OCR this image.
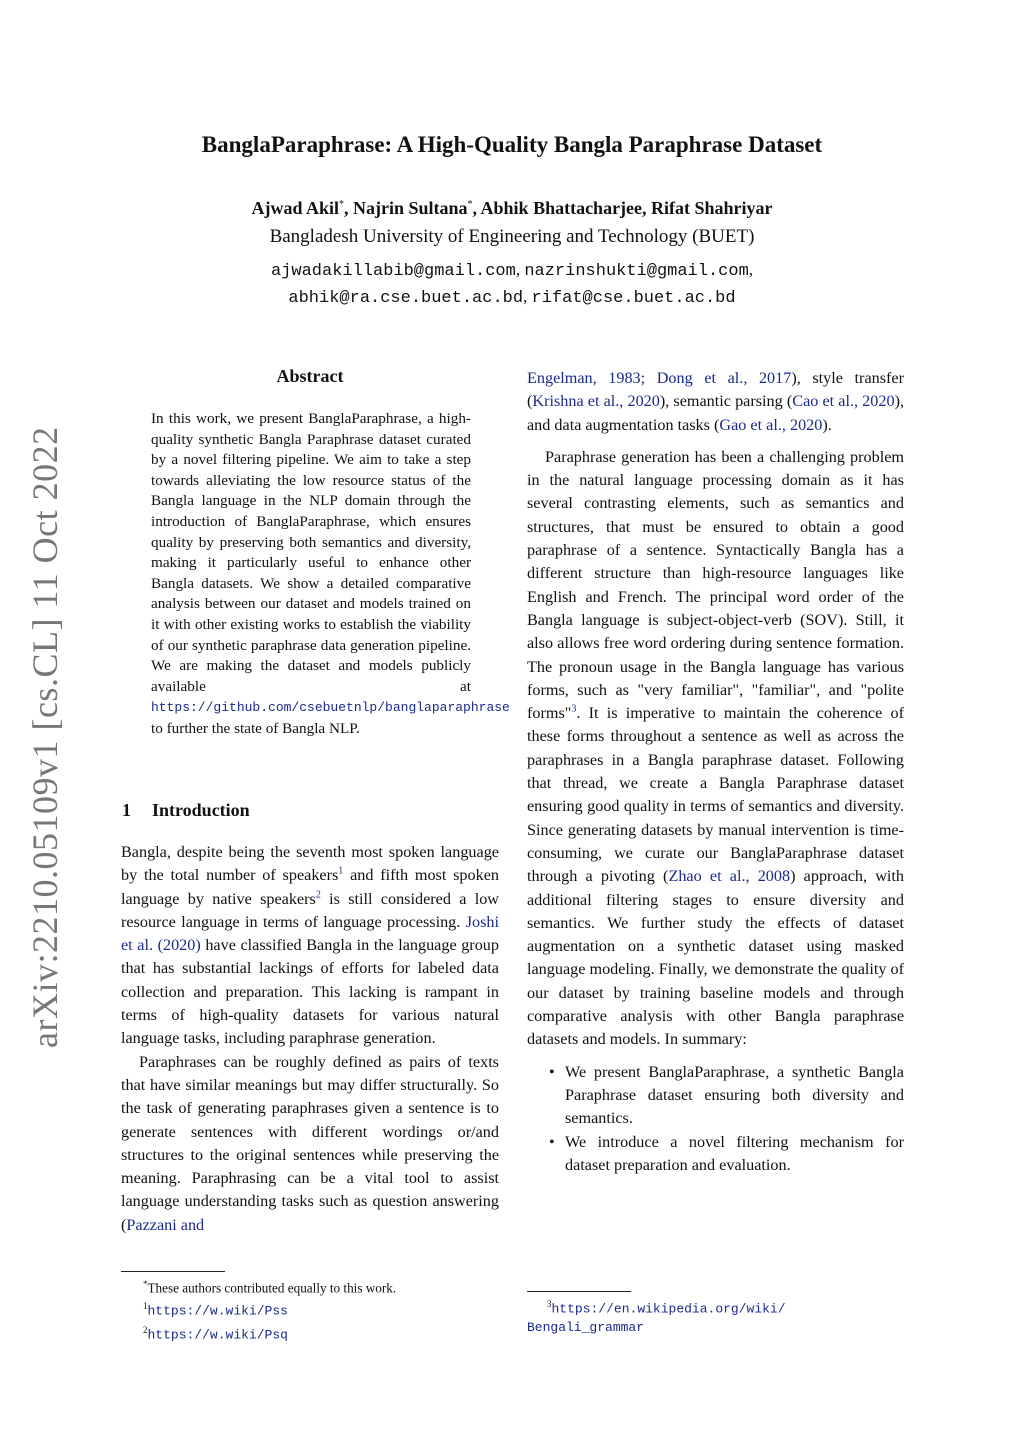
arXiv:2210.05109v1 [cs.CL] 11 Oct 2022
BanglaParaphrase: A High-Quality Bangla Paraphrase Dataset
Ajwad Akil*, Najrin Sultana*, Abhik Bhattacharjee, Rifat Shahriyar
Bangladesh University of Engineering and Technology (BUET)
ajwadakillabib@gmail.com, nazrinshukti@gmail.com,
abhik@ra.cse.buet.ac.bd, rifat@cse.buet.ac.bd
Abstract
In this work, we present BanglaParaphrase, a high-quality synthetic Bangla Paraphrase dataset curated by a novel filtering pipeline. We aim to take a step towards alleviating the low resource status of the Bangla language in the NLP domain through the introduction of BanglaParaphrase, which ensures quality by preserving both semantics and diversity, making it particularly useful to enhance other Bangla datasets. We show a detailed comparative analysis between our dataset and models trained on it with other existing works to establish the viability of our synthetic paraphrase data generation pipeline. We are making the dataset and models publicly available at https://github.com/csebuetnlp/banglaparaphrase to further the state of Bangla NLP.
1 Introduction

Bangla, despite being the seventh most spoken language by the total number of speakers$^1$ and fifth most spoken language by native speakers$^2$ is still considered a low resource language in terms of language processing. Joshi et al. (2020) have classified Bangla in the language group that has substantial lackings of efforts for labeled data collection and preparation. This lacking is rampant in terms of high-quality datasets for various natural language tasks, including paraphrase generation.

Paraphrases can be roughly defined as pairs of texts that have similar meanings but may differ structurally. So the task of generating paraphrases given a sentence is to generate sentences with different wordings or/and structures to the original sentences while preserving the meaning. Paraphrasing can be a vital tool to assist language understanding tasks such as question answering (Pazzani and

Engelman, 1983; Dong et al., 2017), style transfer (Krishna et al., 2020), semantic parsing (Cao et al., 2020), and data augmentation tasks (Gao et al., 2020).

Paraphrase generation has been a challenging problem in the natural language processing domain as it has several contrasting elements, such as semantics and structures, that must be ensured to obtain a good paraphrase of a sentence. Syntactically Bangla has a different structure than high-resource languages like English and French. The principal word order of the Bangla language is subject-object-verb (SOV). Still, it also allows free word ordering during sentence formation. The pronoun usage in the Bangla language has various forms, such as "very familiar", "familiar", and "polite forms"$^3$. It is imperative to maintain the coherence of these forms throughout a sentence as well as across the paraphrases in a Bangla paraphrase dataset. Following that thread, we create a Bangla Paraphrase dataset ensuring good quality in terms of semantics and diversity. Since generating datasets by manual intervention is time-consuming, we curate our BanglaParaphrase dataset through a pivoting (Zhao et al., 2008) approach, with additional filtering stages to ensure diversity and semantics. We further study the effects of dataset augmentation on a synthetic dataset using masked language modeling. Finally, we demonstrate the quality of our dataset by training baseline models and through comparative analysis with other Bangla paraphrase datasets and models. In summary:

• We present BanglaParaphrase, a synthetic Bangla Paraphrase dataset ensuring both diversity and semantics.
• We introduce a novel filtering mechanism for dataset preparation and evaluation.
*These authors contributed equally to this work.
$^1$https://w.wiki/Pss
$^2$https://w.wiki/Psq
$^3$https://en.wikipedia.org/wiki/
Bengali_grammar
